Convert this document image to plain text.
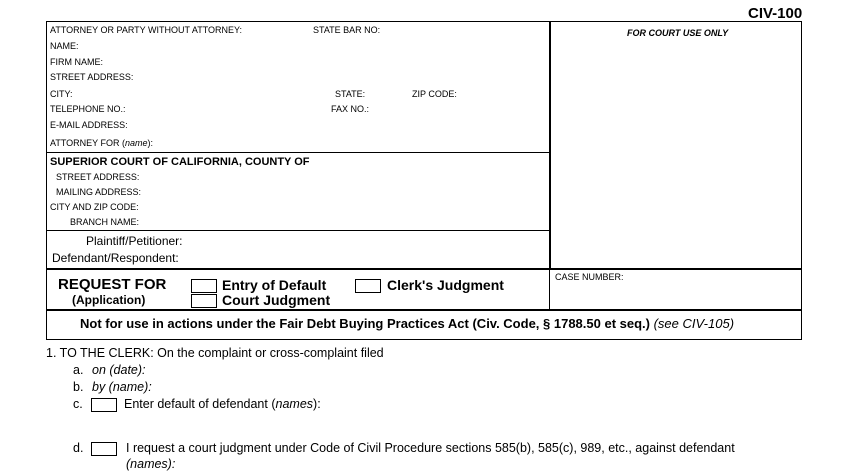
CIV-100
FOR COURT USE ONLY
ATTORNEY OR PARTY WITHOUT ATTORNEY:	STATE BAR NO:
NAME:
FIRM NAME:
STREET ADDRESS:
CITY:	STATE:	ZIP CODE:
TELEPHONE NO.:	FAX NO.:
E-MAIL ADDRESS:
ATTORNEY FOR (name):
SUPERIOR COURT OF CALIFORNIA, COUNTY OF
STREET ADDRESS:
MAILING ADDRESS:
CITY AND ZIP CODE:
BRANCH NAME:
Plaintiff/Petitioner:
Defendant/Respondent:
REQUEST FOR
(Application)
Entry of Default
Court Judgment
Clerk's Judgment	CASE NUMBER:
Not for use in actions under the Fair Debt Buying Practices Act (Civ. Code, § 1788.50 et seq.) (see CIV-105)
1. TO THE CLERK: On the complaint or cross-complaint filed
a. on (date):
b. by (name):
c.	Enter default of defendant (names):
d.	I request a court judgment under Code of Civil Procedure sections 585(b), 585(c), 989, etc., against defendant
(names):
